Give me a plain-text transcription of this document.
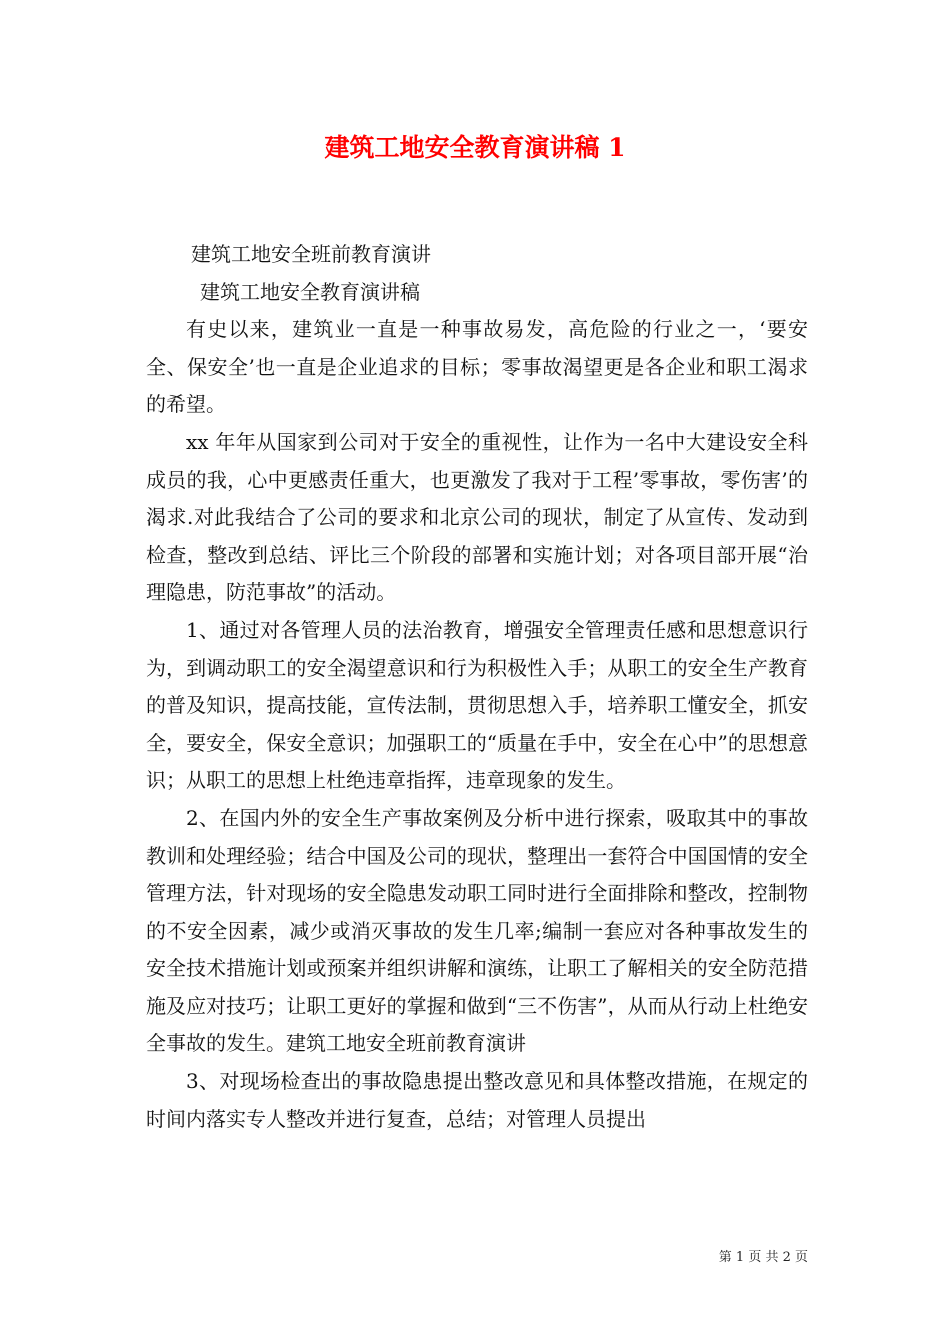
建筑工地安全教育演讲稿 1

建筑工地安全班前教育演讲

建筑工地安全教育演讲稿

有史以来，建筑业一直是一种事故易发，高危险的行业之一，‘要安全、保安全’也一直是企业追求的目标；零事故渴望更是各企业和职工渴求的希望。

xx 年年从国家到公司对于安全的重视性，让作为一名中大建设安全科成员的我，心中更感责任重大，也更激发了我对于工程’零事故，零伤害’的渴求.对此我结合了公司的要求和北京公司的现状，制定了从宣传、发动到检查，整改到总结、评比三个阶段的部署和实施计划；对各项目部开展“治理隐患，防范事故”的活动。

1、通过对各管理人员的法治教育，增强安全管理责任感和思想意识行为，到调动职工的安全渴望意识和行为积极性入手；从职工的安全生产教育的普及知识，提高技能，宣传法制，贯彻思想入手，培养职工懂安全，抓安全，要安全，保安全意识；加强职工的“质量在手中，安全在心中”的思想意识；从职工的思想上杜绝违章指挥，违章现象的发生。

2、在国内外的安全生产事故案例及分析中进行探索，吸取其中的事故教训和处理经验；结合中国及公司的现状，整理出一套符合中国国情的安全管理方法，针对现场的安全隐患发动职工同时进行全面排除和整改，控制物的不安全因素，减少或消灭事故的发生几率;编制一套应对各种事故发生的安全技术措施计划或预案并组织讲解和演练，让职工了解相关的安全防范措施及应对技巧；让职工更好的掌握和做到“三不伤害”，从而从行动上杜绝安全事故的发生。建筑工地安全班前教育演讲

3、对现场检查出的事故隐患提出整改意见和具体整改措施，在规定的时间内落实专人整改并进行复查，总结；对管理人员提出

第 1 页 共 2 页
